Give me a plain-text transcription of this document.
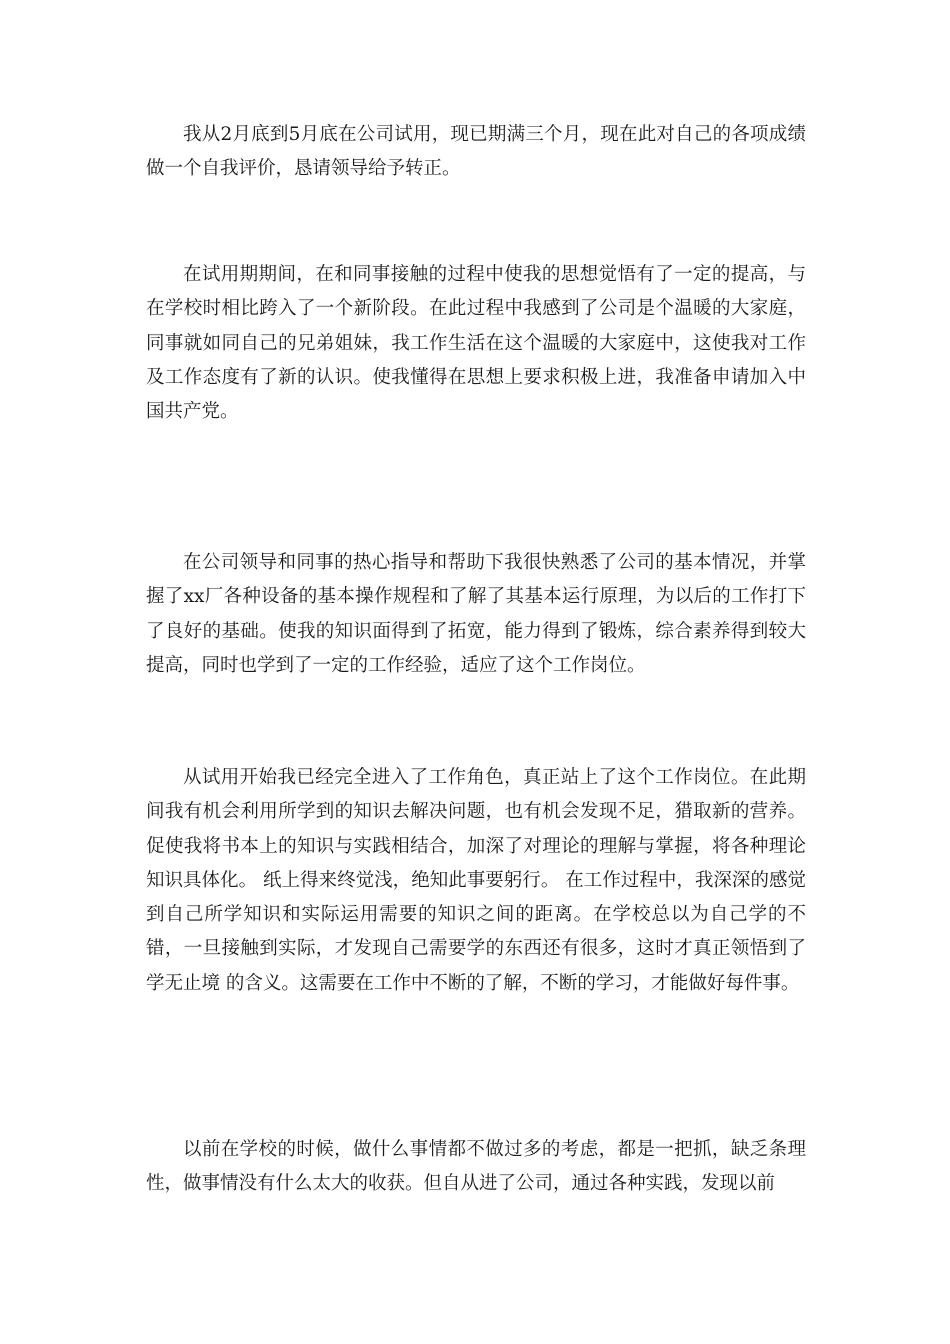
我从2月底到5月底在公司试用，现已期满三个月，现在此对自己的各项成绩做一个自我评价，恳请领导给予转正。

在试用期期间，在和同事接触的过程中使我的思想觉悟有了一定的提高，与在学校时相比跨入了一个新阶段。在此过程中我感到了公司是个温暖的大家庭，同事就如同自己的兄弟姐妹，我工作生活在这个温暖的大家庭中，这使我对工作及工作态度有了新的认识。使我懂得在思想上要求积极上进，我准备申请加入中国共产党。

在公司领导和同事的热心指导和帮助下我很快熟悉了公司的基本情况，并掌握了xx厂各种设备的基本操作规程和了解了其基本运行原理，为以后的工作打下了良好的基础。使我的知识面得到了拓宽，能力得到了锻炼，综合素养得到较大提高，同时也学到了一定的工作经验，适应了这个工作岗位。

从试用开始我已经完全进入了工作角色，真正站上了这个工作岗位。在此期间我有机会利用所学到的知识去解决问题，也有机会发现不足，猎取新的营养。促使我将书本上的知识与实践相结合，加深了对理论的理解与掌握，将各种理论知识具体化。 纸上得来终觉浅，绝知此事要躬行。 在工作过程中，我深深的感觉到自己所学知识和实际运用需要的知识之间的距离。在学校总以为自己学的不错，一旦接触到实际，才发现自己需要学的东西还有很多，这时才真正领悟到了 学无止境 的含义。这需要在工作中不断的了解，不断的学习，才能做好每件事。

以前在学校的时候，做什么事情都不做过多的考虑，都是一把抓，缺乏条理性，做事情没有什么太大的收获。但自从进了公司，通过各种实践，发现以前
